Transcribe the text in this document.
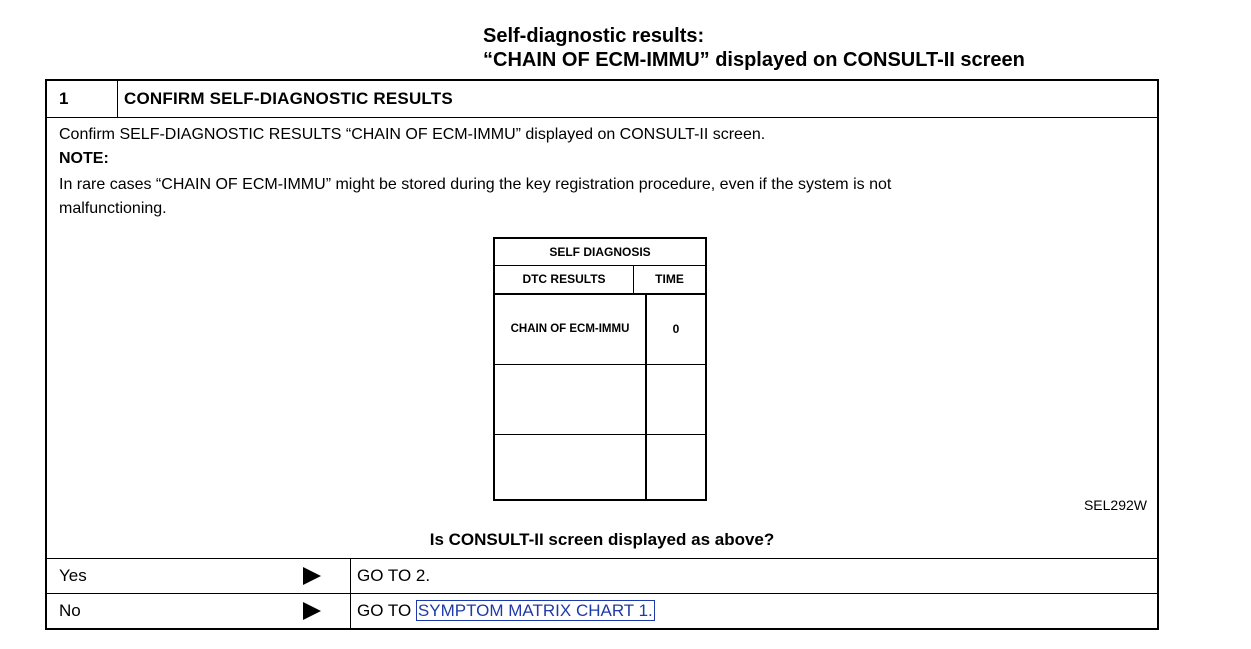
Self-diagnostic results:
“CHAIN OF ECM-IMMU” displayed on CONSULT-II screen
1	CONFIRM SELF-DIAGNOSTIC RESULTS
Confirm SELF-DIAGNOSTIC RESULTS “CHAIN OF ECM-IMMU” displayed on CONSULT-II screen.
NOTE:
In rare cases “CHAIN OF ECM-IMMU” might be stored during the key registration procedure, even if the system is not
malfunctioning.
SELF DIAGNOSIS
DTC RESULTS	TIME
CHAIN OF ECM-IMMU	0
SEL292W
Is CONSULT-II screen displayed as above?
Yes	GO TO 2.
No	GO TO SYMPTOM MATRIX CHART 1.
